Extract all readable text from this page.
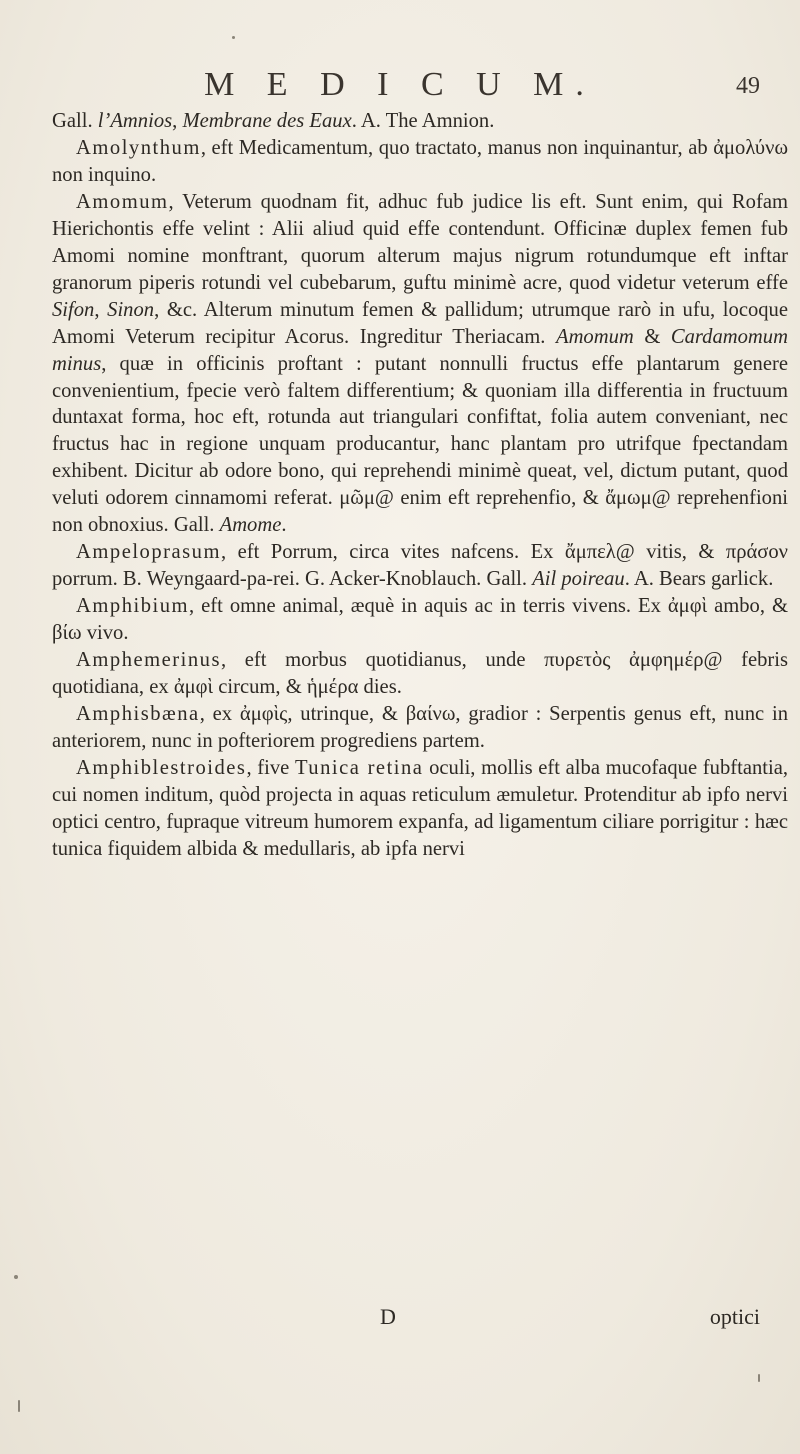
M E D I C U M.	49

Gall. l’Amnios, Membrane des Eaux. A. The Amnion.

Amolynthum, eft Medicamentum, quo tractato, manus non inquinantur, ab ἀμολύνω non inquino.

Amomum, Veterum quodnam fit, adhuc fub judice lis eft. Sunt enim, qui Rofam Hierichontis effe velint : Alii aliud quid effe contendunt. Officinæ duplex femen fub Amomi nomine monftrant, quorum alterum majus nigrum rotundumque eft inftar granorum piperis rotundi vel cubebarum, guftu minimè acre, quod videtur veterum effe Sifon, Sinon, &c. Alterum minutum femen & pallidum; utrumque rarò in ufu, locoque Amomi Veterum recipitur Acorus. Ingreditur Theriacam. Amomum & Cardamomum minus, quæ in officinis proftant : putant nonnulli fructus effe plantarum genere convenientium, fpecie verò faltem differentium; & quoniam illa differentia in fructuum duntaxat forma, hoc eft, rotunda aut triangulari confiftat, folia autem conveniant, nec fructus hac in regione unquam producantur, hanc plantam pro utrifque fpectandam exhibent. Dicitur ab odore bono, qui reprehendi minimè queat, vel, dictum putant, quod veluti odorem cinnamomi referat. μῶμ@ enim eft reprehenfio, & ἄμωμ@ reprehenfioni non obnoxius. Gall. Amome.

Ampeloprasum, eft Porrum, circa vites nafcens. Ex ἄμπελ@ vitis, & πράσον porrum. B. Weyngaard-pa-rei. G. Acker-Knoblauch. Gall. Ail poireau. A. Bears garlick.

Amphibium, eft omne animal, æquè in aquis ac in terris vivens. Ex ἀμφὶ ambo, & βίω vivo.

Amphemerinus, eft morbus quotidianus, unde πυρετὸς ἀμφημέρ@ febris quotidiana, ex ἀμφὶ circum, & ἡμέρα dies.

Amphisbæna, ex ἀμφὶς, utrinque, & βαίνω, gradior : Serpentis genus eft, nunc in anteriorem, nunc in pofteriorem progrediens partem.

Amphiblestroides, five Tunica retina oculi, mollis eft alba mucofaque fubftantia, cui nomen inditum, quòd projecta in aquas reticulum æmuletur. Protenditur ab ipfo nervi optici centro, fupraque vitreum humorem expanfa, ad ligamentum ciliare porrigitur : hæc tunica fiquidem albida & medullaris, ab ipfa nervi

D	optici
